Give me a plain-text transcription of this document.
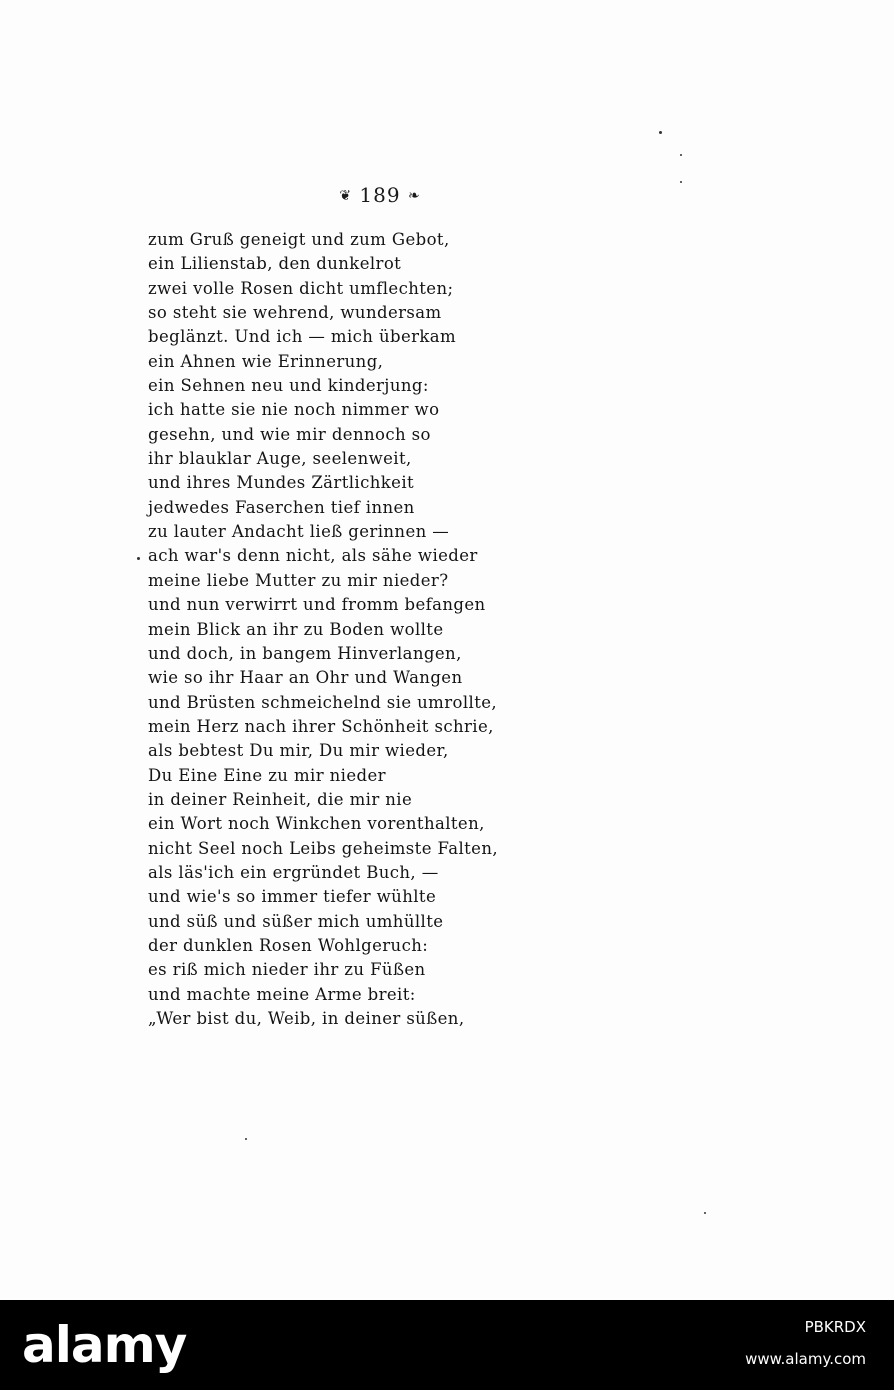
❦ 189 ❧
zum Gruß geneigt und zum Gebot,
ein Lilienstab, den dunkelrot
zwei volle Rosen dicht umflechten;
so steht sie wehrend, wundersam
beglänzt. Und ich — mich überkam
ein Ahnen wie Erinnerung,
ein Sehnen neu und kinderjung:
ich hatte sie nie noch nimmer wo
gesehn, und wie mir dennoch so
ihr blauklar Auge, seelenweit,
und ihres Mundes Zärtlichkeit
jedwedes Faserchen tief innen
zu lauter Andacht ließ gerinnen —
ach war's denn nicht, als sähe wieder
meine liebe Mutter zu mir nieder?
und nun verwirrt und fromm befangen
mein Blick an ihr zu Boden wollte
und doch, in bangem Hinverlangen,
wie so ihr Haar an Ohr und Wangen
und Brüsten schmeichelnd sie umrollte,
mein Herz nach ihrer Schönheit schrie,
als bebtest Du mir, Du mir wieder,
Du Eine Eine zu mir nieder
in deiner Reinheit, die mir nie
ein Wort noch Winkchen vorenthalten,
nicht Seel noch Leibs geheimste Falten,
als läs'ich ein ergründet Buch, —
und wie's so immer tiefer wühlte
und süß und süßer mich umhüllte
der dunklen Rosen Wohlgeruch:
es riß mich nieder ihr zu Füßen
und machte meine Arme breit:
„Wer bist du, Weib, in deiner süßen,
alamy	PBKRDX
www.alamy.com
